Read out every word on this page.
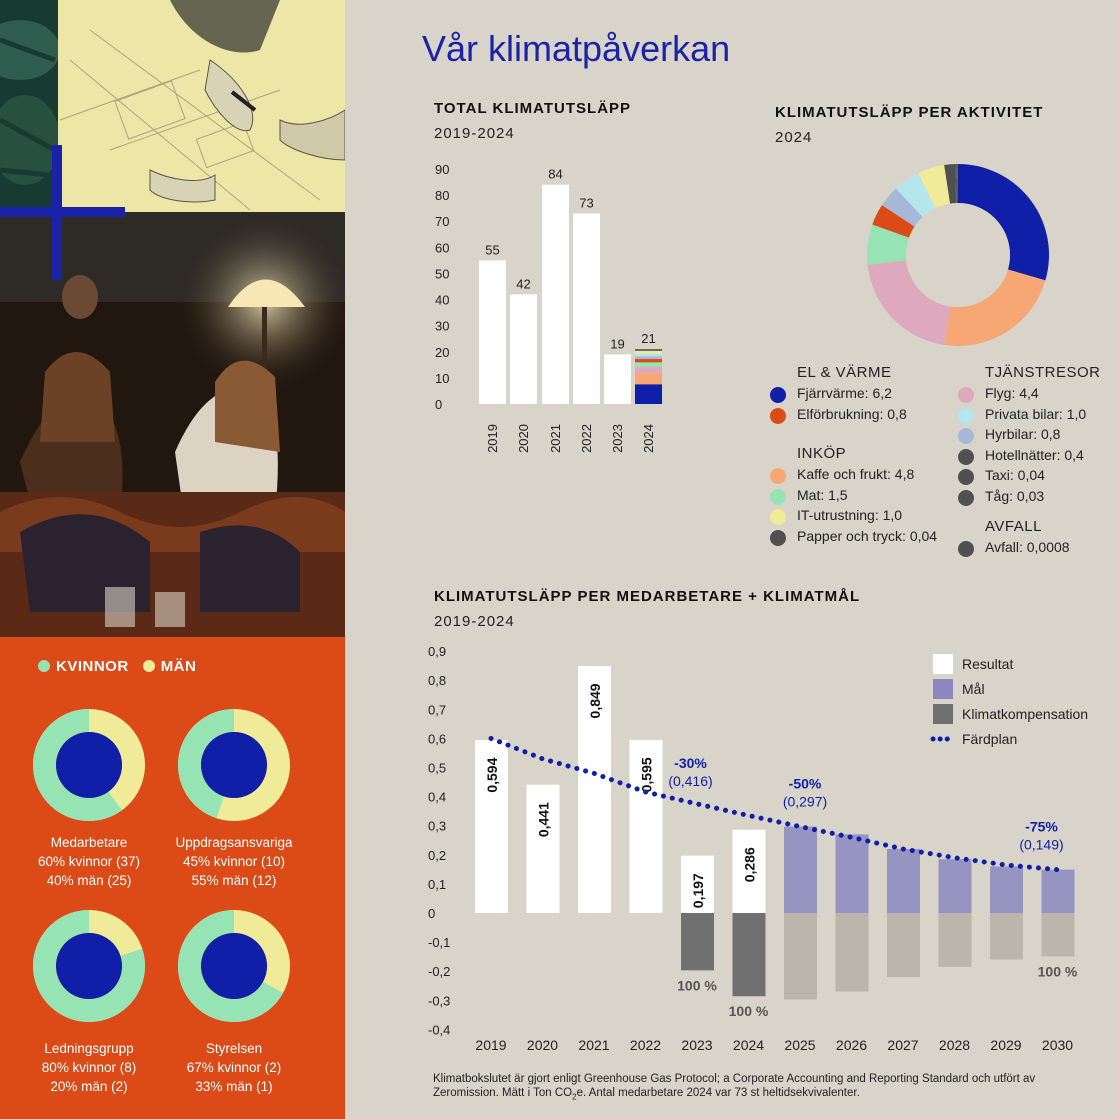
KVINNOR MÄN
Medarbetare
60% kvinnor (37)
40% män (25)
Uppdragsansvariga
45% kvinnor (10)
55% män (12)
Ledningsgrupp
80% kvinnor (8)
20% män (2)
Styrelsen
67% kvinnor (2)
33% män (1)
Vår klimatpåverkan
TOTAL KLIMATUTSLÄPP
2019-2024
0
10
20
30
40
50
60
70
80
90
55
2019
42
2020
84
2021
73
2022
19
2023
21
2024
KLIMATUTSLÄPP PER AKTIVITET
2024
EL & VÄRME
Fjärrvärme: 6,2
Elförbrukning: 0,8
INKÖP
Kaffe och frukt: 4,8
Mat: 1,5
IT-utrustning: 1,0
Papper och tryck: 0,04
TJÄNSTRESOR
Flyg: 4,4
Privata bilar: 1,0
Hyrbilar: 0,8
Hotellnätter: 0,4
Taxi: 0,04
Tåg: 0,03
AVFALL
Avfall: 0,0008
KLIMATUTSLÄPP PER MEDARBETARE + KLIMATMÅL
2019-2024
0,9
0,8
0,7
0,6
0,5
0,4
0,3
0,2
0,1
0
-0,1
-0,2
-0,3
-0,4
0,594
2019
0,441
2020
0,849
2021
0,595
2022
0,197
2023
0,286
2024 2025 2026 2027 2028 2029 2030
-30%
(0,416)	-50%
(0,297)
-75%
(0,149)
100 %
100 %
100 %
Resultat
Mål
Klimatkompensation
Färdplan
Klimatbokslutet är gjort enligt Greenhouse Gas Protocol; a Corporate Accounting and Reporting Standard och utfört av Zeromission. Mätt i Ton $CO_2e$. Antal medarbetare 2024 var 73 st heltidsekvivalenter.
